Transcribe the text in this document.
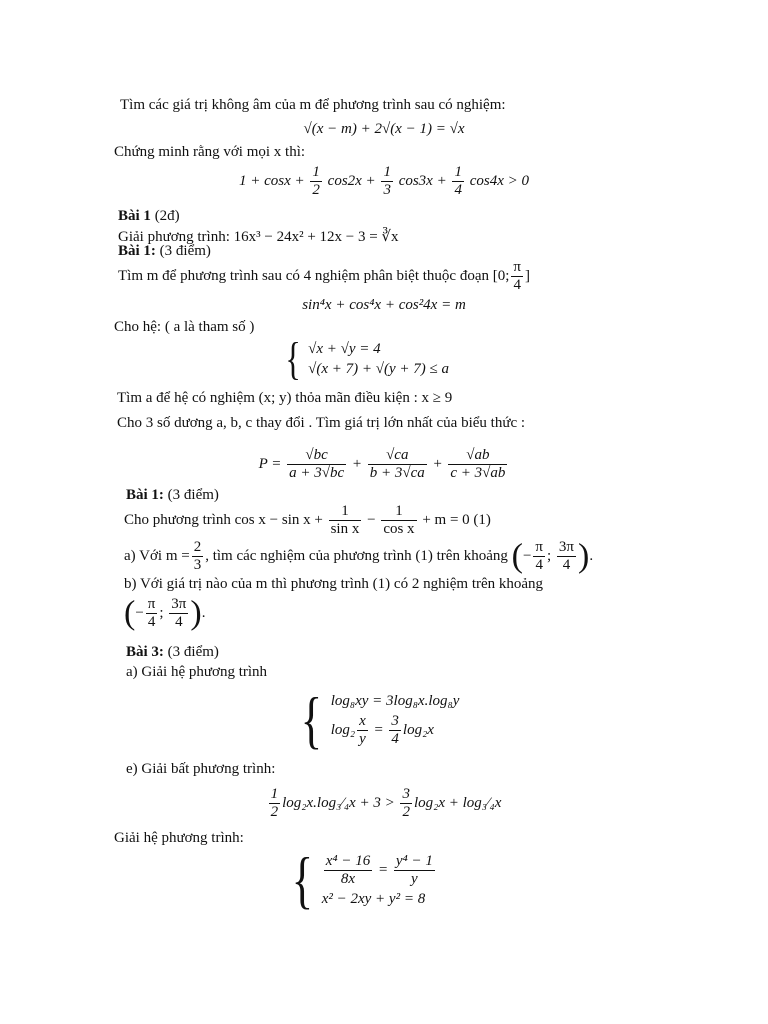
Tìm các giá trị không âm của m để phương trình sau có nghiệm:
√(x − m) + 2√(x − 1) = √x
Chứng minh rằng với mọi x thì:
$1 + \cos x + \frac{1}{2} \cos 2x + \frac{1}{3} \cos 3x + \frac{1}{4} \cos 4x > 0$
Bài 1 (2đ)
Giải phương trình: 16x³ − 24x² + 12x − 3 = ∛x
Bài 1: (3 điểm)
Tìm m để phương trình sau có 4 nghiệm phân biệt thuộc đoạn [0; $\frac{\pi}{4}$ ]
sin⁴x + cos⁴x + cos²4x = m
Cho hệ: ( a là tham số )
{ √x + √y = 4
√(x + 7) + √(y + 7) ≤ a
Tìm a để hệ có nghiệm (x; y) thỏa mãn điều kiện : x ≥ 9
Cho 3 số dương a, b, c thay đổi . Tìm giá trị lớn nhất của biểu thức :
$P = \frac{√bc}{a + 3√bc} + \frac{√ca}{b + 3√ca} + \frac{√ab}{c + 3√ab}$
Bài 1: (3 điểm)
Cho phương trình $\cos x - \sin x + \frac{1}{\text{sin x}} - \frac{1}{\text{cos x}} + m = 0$ (1)
a) Với $m = \frac{2}{3}$ , tìm các nghiệm của phương trình (1) trên khoảng (− $\frac{\pi}{4}$ ; $\frac{3\pi}{4}$ ).
b) Với giá trị nào của m thì phương trình (1) có 2 nghiệm trên khoảng
(− $\frac{\pi}{4}$ ; $\frac{3\pi}{4}$ ).
Bài 3: (3 điểm)
a) Giải hệ phương trình
{ log₈xy = 3log₈x.log₈y
$\log_2 \frac{x}{y} = \frac{3}{4} \log_2x$
e) Giải bất phương trình:
$\frac{1}{2}$ log₂x.log₃⁄₄x + $3 > \frac{3}{2} \log_2x$ + log₃⁄₄x
Giải hệ phương trình:
{ $\frac{\text{x⁴ − 16}}{8x} = \frac{\text{y⁴ − 1}}{y}$
x² − 2xy + y² = 8
